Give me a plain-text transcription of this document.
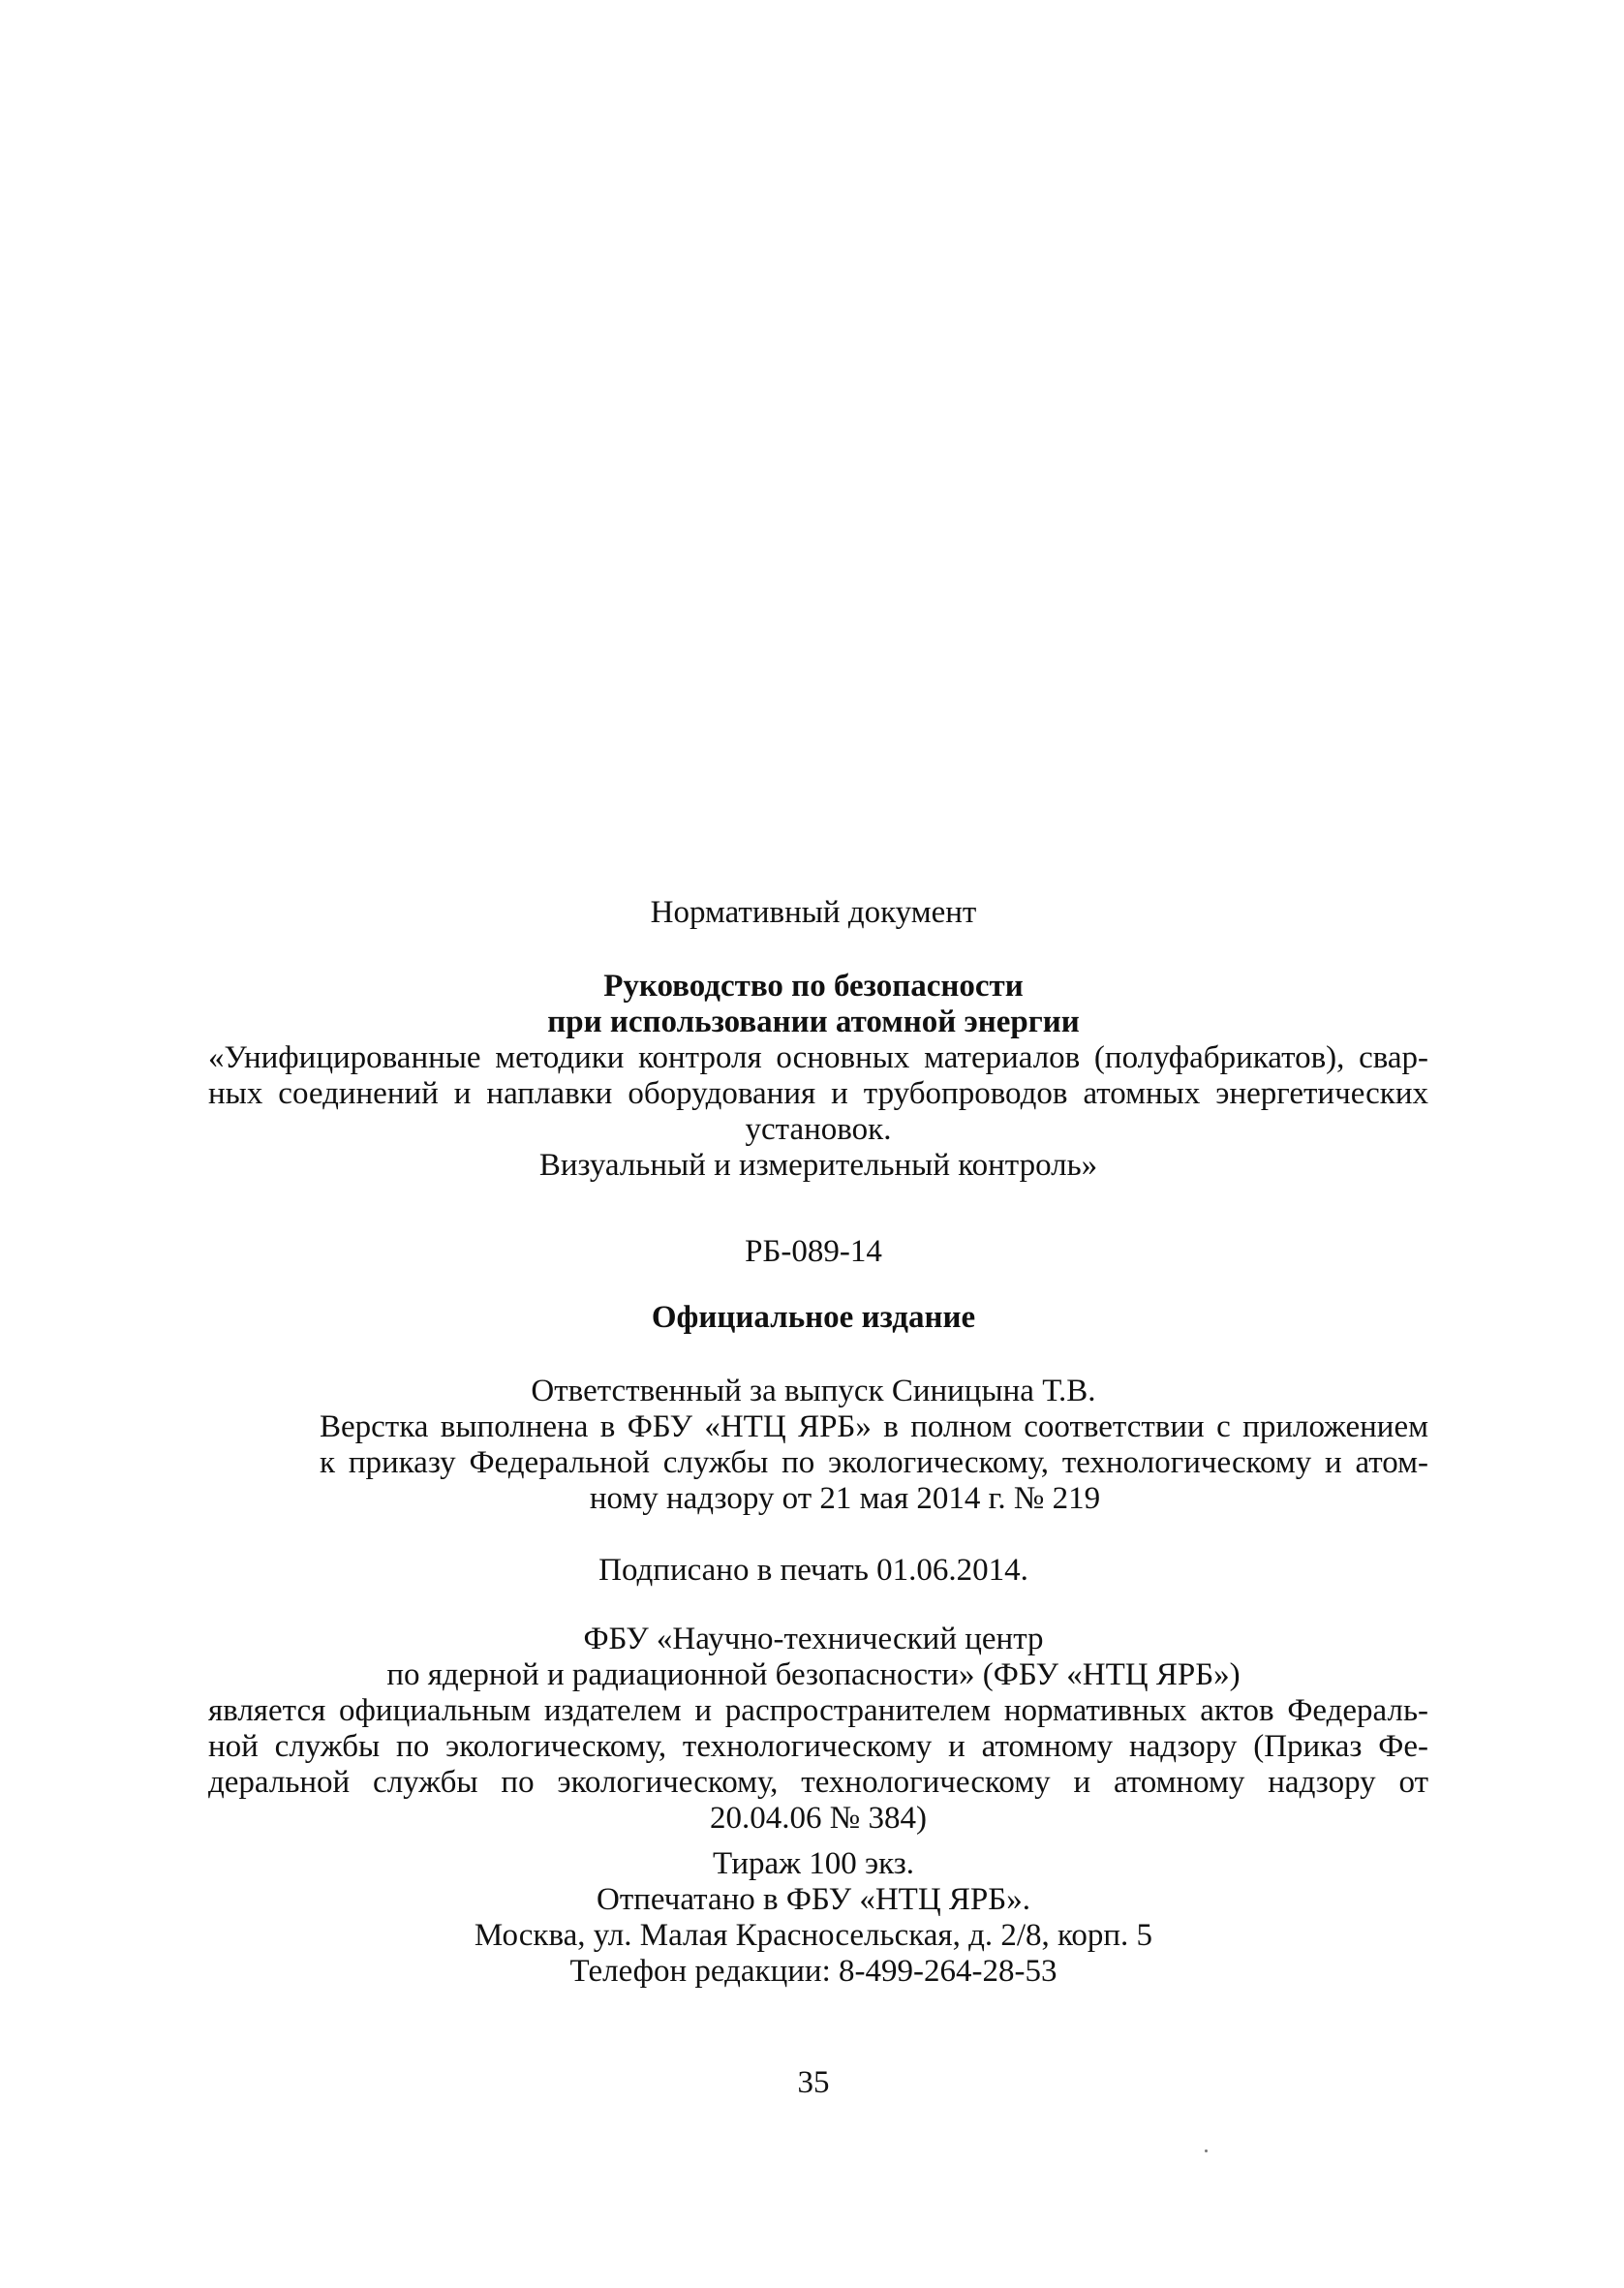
Нормативный документ
Руководство по безопасности
при использовании атомной энергии
«Унифицированные методики контроля основных материалов (полуфабрикатов), свар-
ных соединений и наплавки оборудования и трубопроводов атомных энергетических
установок.
Визуальный и измерительный контроль»
РБ-089-14
Официальное издание
Ответственный за выпуск Синицына Т.В.
Верстка выполнена в ФБУ «НТЦ ЯРБ» в полном соответствии с приложением
к приказу Федеральной службы по экологическому, технологическому и атом-
ному надзору от 21 мая 2014 г. № 219
Подписано в печать 01.06.2014.
ФБУ «Научно-технический центр
по ядерной и радиационной безопасности» (ФБУ «НТЦ ЯРБ»)
является официальным издателем и распространителем нормативных актов Федераль-
ной службы по экологическому, технологическому и атомному надзору (Приказ Фе-
деральной службы по экологическому, технологическому и атомному надзору от
20.04.06 № 384)
Тираж 100 экз.
Отпечатано в ФБУ «НТЦ ЯРБ».
Москва, ул. Малая Красносельская, д. 2/8, корп. 5
Телефон редакции: 8-499-264-28-53
35
